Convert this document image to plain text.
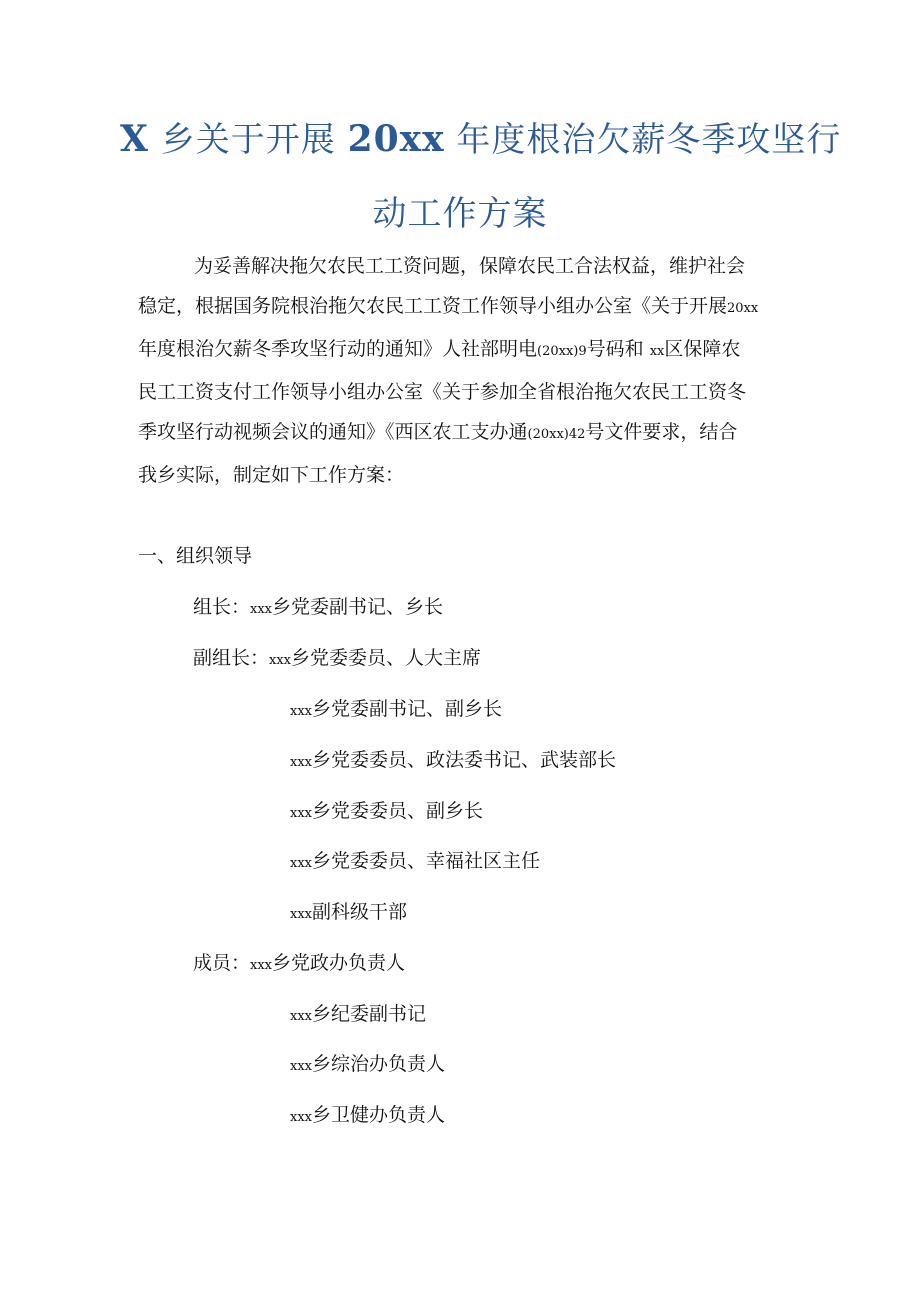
X 乡关于开展 20xx 年度根治欠薪冬季攻坚行
动工作方案
为妥善解决拖欠农民工工资问题，保障农民工合法权益，维护社会
稳定，根据国务院根治拖欠农民工工资工作领导小组办公室《关于开展20xx
年度根治欠薪冬季攻坚行动的通知》人社部明电(20xx)9号码和 xx区保障农
民工工资支付工作领导小组办公室《关于参加全省根治拖欠农民工工资冬
季攻坚行动视频会议的通知》《西区农工支办通(20xx)42号文件要求，结合
我乡实际，制定如下工作方案：
一、组织领导
组长：xxx乡党委副书记、乡长
副组长：xxx乡党委委员、人大主席
xxx乡党委副书记、副乡长
xxx乡党委委员、政法委书记、武装部长
xxx乡党委委员、副乡长
xxx乡党委委员、幸福社区主任
xxx副科级干部
成员：xxx乡党政办负责人
xxx乡纪委副书记
xxx乡综治办负责人
xxx乡卫健办负责人
